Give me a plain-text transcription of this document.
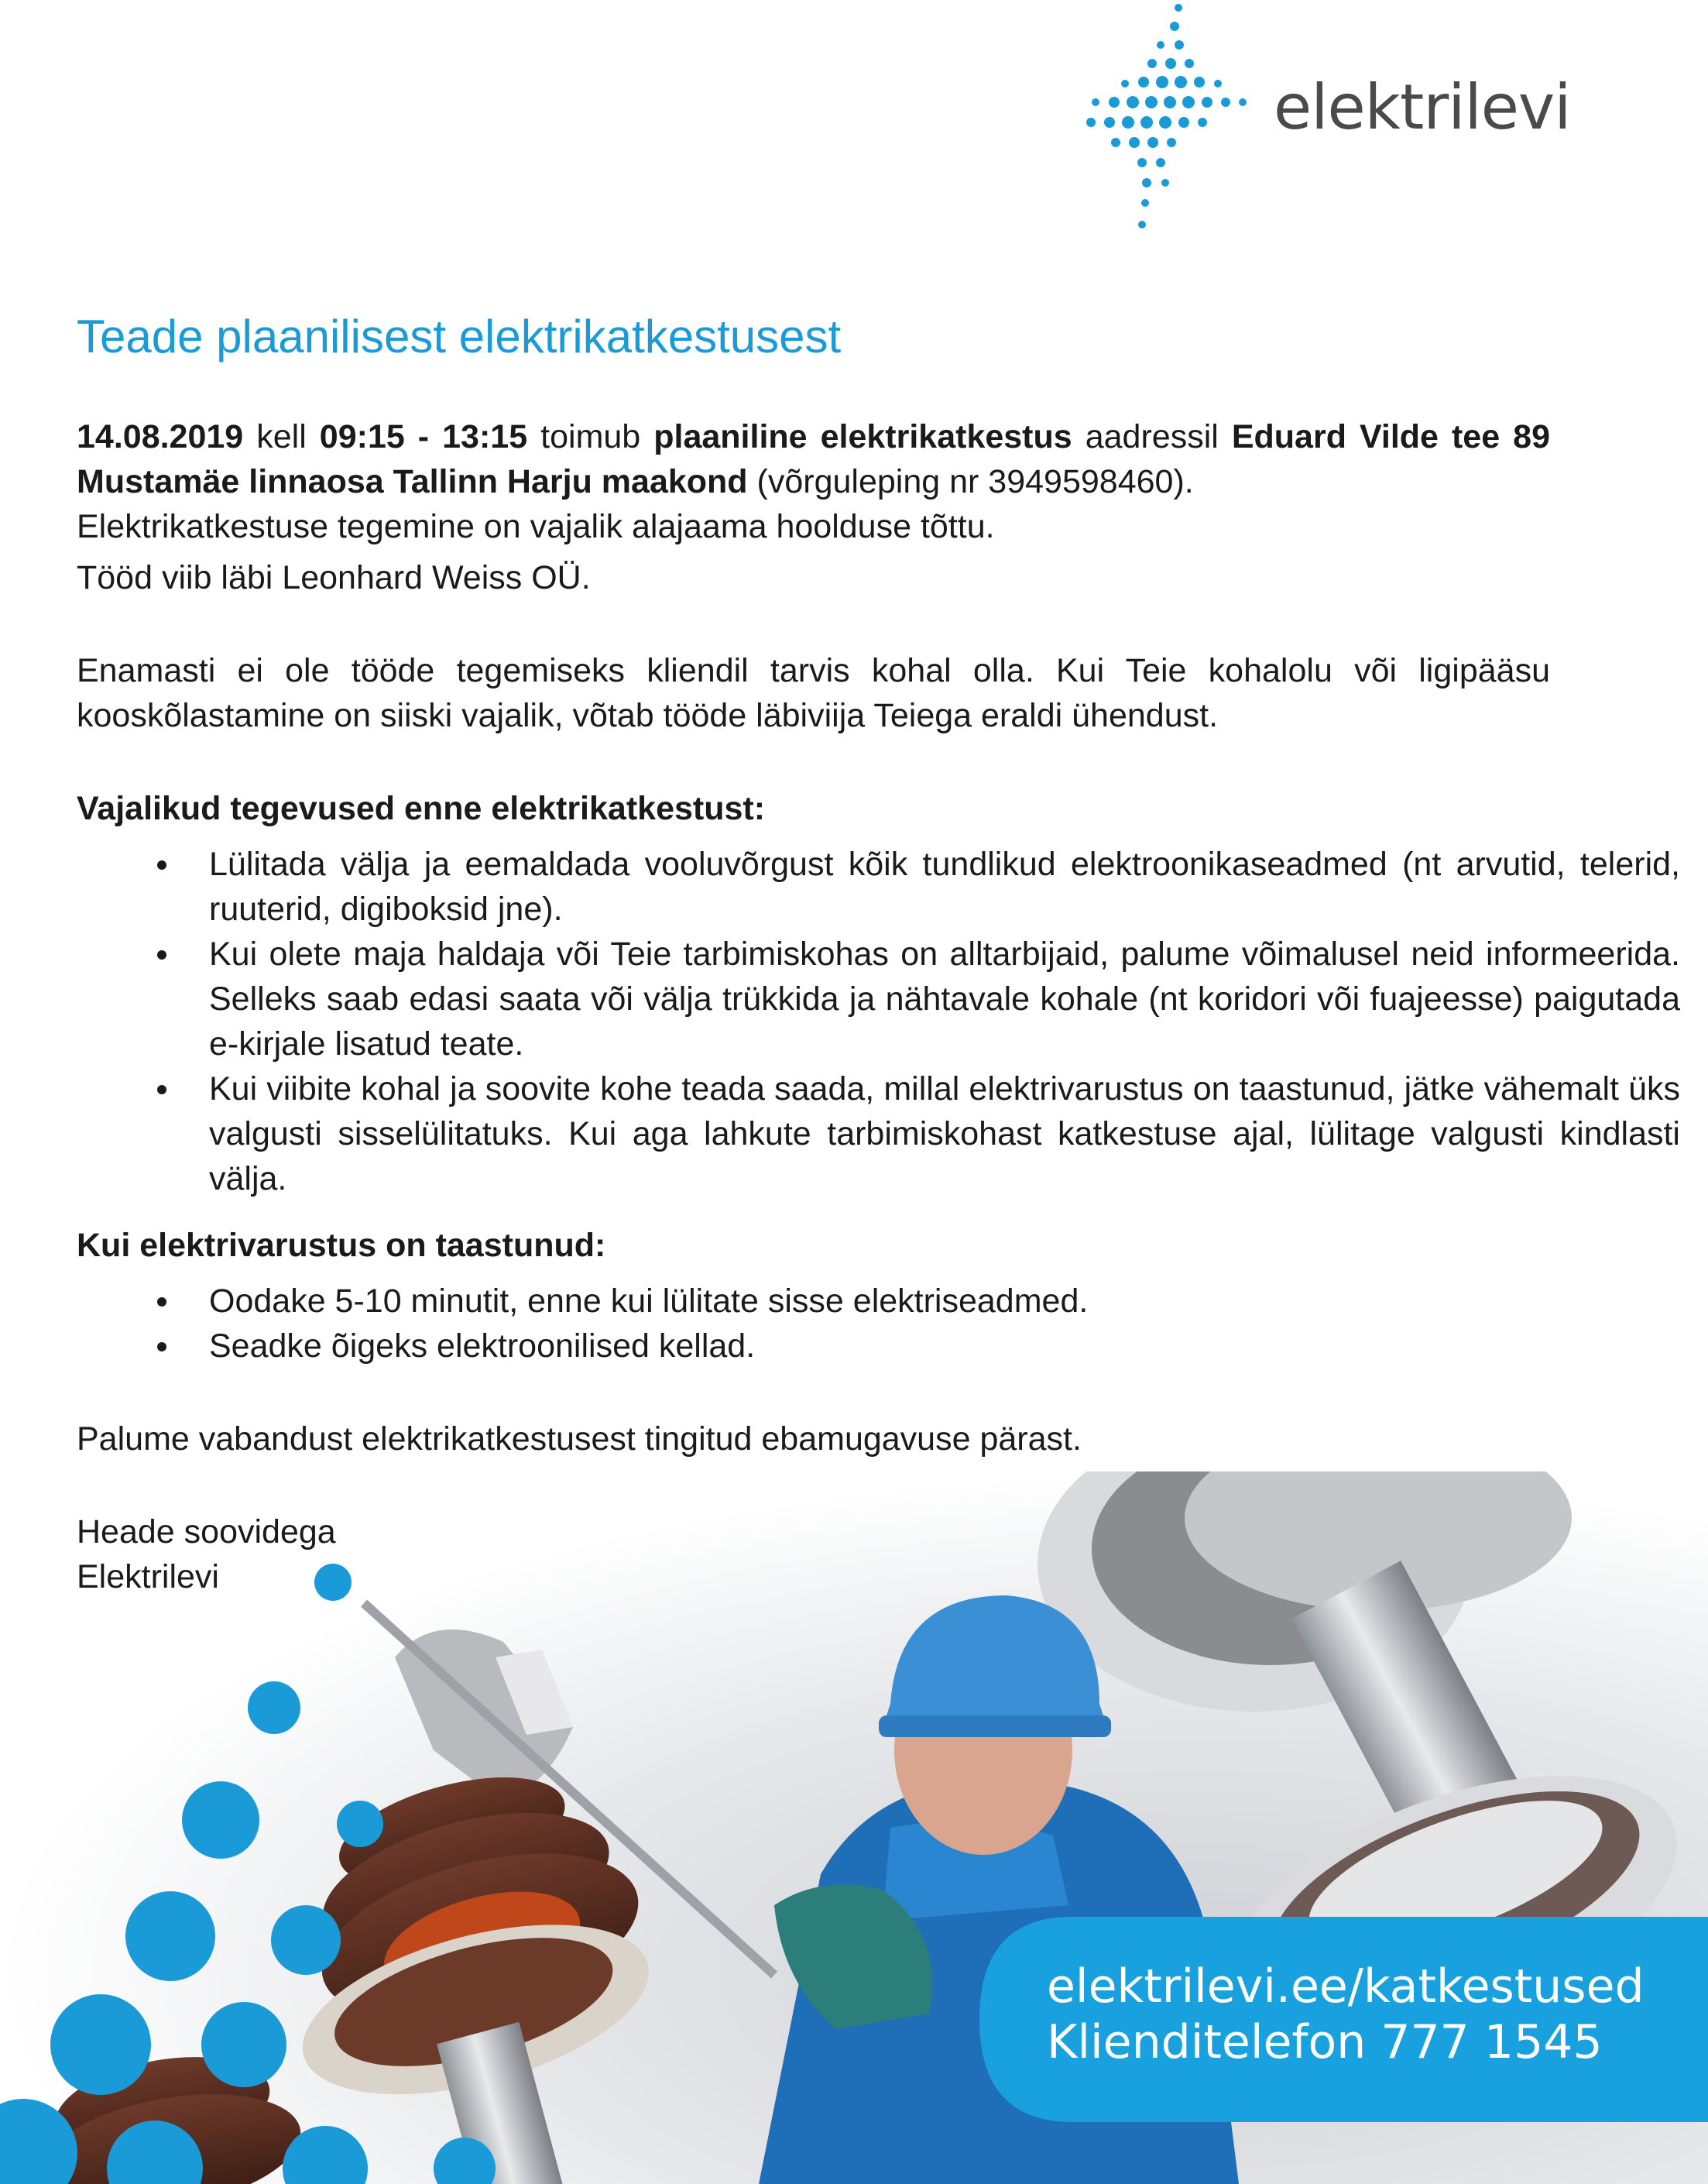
elektrilevi
elektrilevi.ee/katkestused
Klienditelefon 777 1545
Teade plaanilisest elektrikatkestusest

14.08.2019 kell 09:15 - 13:15 toimub plaaniline elektrikatkestus aadressil Eduard Vilde tee 89 Mustamäe linnaosa Tallinn Harju maakond (võrguleping nr 3949598460).

Elektrikatkestuse tegemine on vajalik alajaama hoolduse tõttu.

Tööd viib läbi Leonhard Weiss OÜ.

Enamasti ei ole tööde tegemiseks kliendil tarvis kohal olla. Kui Teie kohalolu või ligipääsu kooskõlastamine on siiski vajalik, võtab tööde läbiviija Teiega eraldi ühendust.

Vajalikud tegevused enne elektrikatkestust:

Lülitada välja ja eemaldada vooluvõrgust kõik tundlikud elektroonikaseadmed (nt arvutid, telerid, ruuterid, digiboksid jne).
Kui olete maja haldaja või Teie tarbimiskohas on alltarbijaid, palume võimalusel neid informeerida. Selleks saab edasi saata või välja trükkida ja nähtavale kohale (nt koridori või fuajeesse) paigutada e-kirjale lisatud teate.
Kui viibite kohal ja soovite kohe teada saada, millal elektrivarustus on taastunud, jätke vähemalt üks valgusti sisselülitatuks. Kui aga lahkute tarbimiskohast katkestuse ajal, lülitage valgusti kindlasti välja.

Kui elektrivarustus on taastunud:

Oodake 5-10 minutit, enne kui lülitate sisse elektriseadmed.
Seadke õigeks elektroonilised kellad.

Palume vabandust elektrikatkestusest tingitud ebamugavuse pärast.

Heade soovidega

Elektrilevi
